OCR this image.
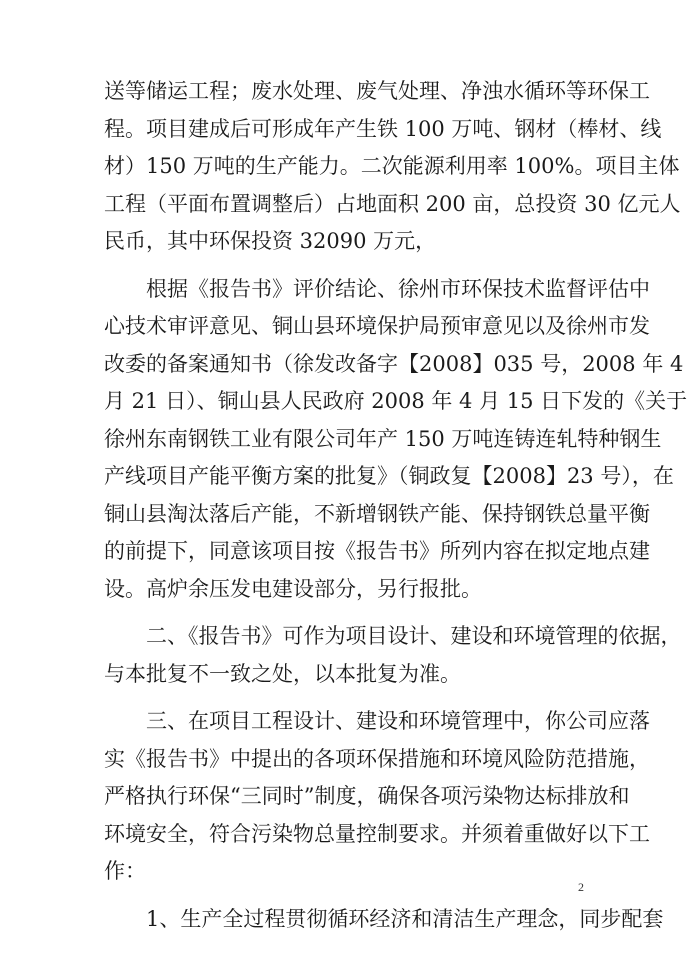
送等储运工程；废水处理、废气处理、净浊水循环等环保工
程。项目建成后可形成年产生铁 100 万吨、钢材（棒材、线
材）150 万吨的生产能力。二次能源利用率 100%。项目主体
工程（平面布置调整后）占地面积 200 亩，总投资 30 亿元人
民币，其中环保投资 32090 万元，
根据《报告书》评价结论、徐州市环保技术监督评估中
心技术审评意见、铜山县环境保护局预审意见以及徐州市发
改委的备案通知书（徐发改备字【2008】035 号，2008 年 4
月 21 日）、铜山县人民政府 2008 年 4 月 15 日下发的《关于
徐州东南钢铁工业有限公司年产 150 万吨连铸连轧特种钢生
产线项目产能平衡方案的批复》（铜政复【2008】23 号），在
铜山县淘汰落后产能，不新增钢铁产能、保持钢铁总量平衡
的前提下，同意该项目按《报告书》所列内容在拟定地点建
设。高炉余压发电建设部分，另行报批。
二、《报告书》可作为项目设计、建设和环境管理的依据，
与本批复不一致之处，以本批复为准。
三、在项目工程设计、建设和环境管理中，你公司应落
实《报告书》中提出的各项环保措施和环境风险防范措施，
严格执行环保“三同时”制度，确保各项污染物达标排放和
环境安全，符合污染物总量控制要求。并须着重做好以下工
作：
1、生产全过程贯彻循环经济和清洁生产理念，同步配套
2
